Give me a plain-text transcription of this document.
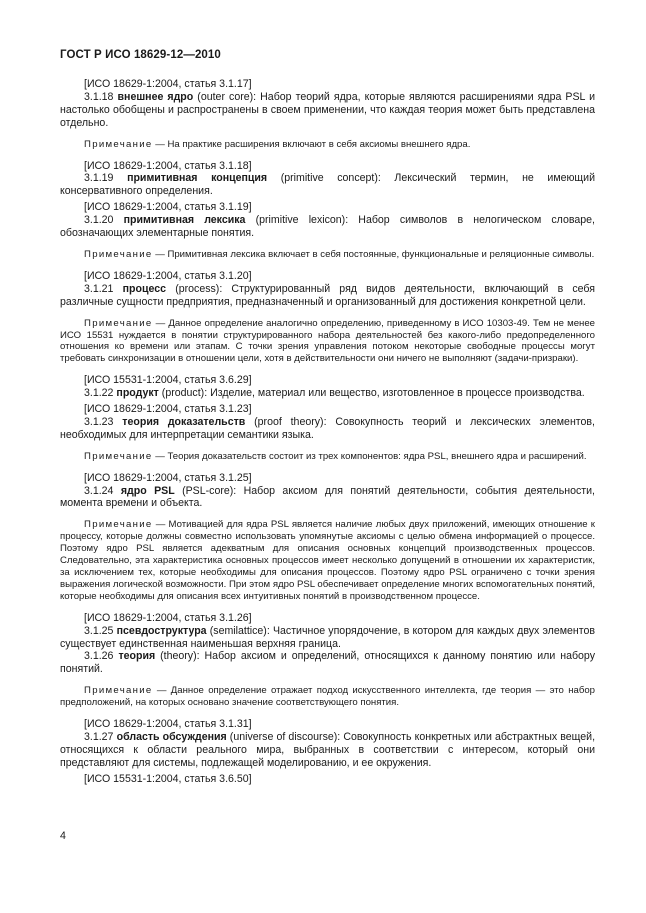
ГОСТ Р ИСО 18629-12—2010

[ИСО 18629-1:2004, статья 3.1.17]

3.1.18 внешнее ядро (outer core): Набор теорий ядра, которые являются расширениями ядра PSL и настолько обобщены и распространены в своем применении, что каждая теория может быть представлена отдельно.

Примечание — На практике расширения включают в себя аксиомы внешнего ядра.

[ИСО 18629-1:2004, статья 3.1.18]

3.1.19 примитивная концепция (primitive concept): Лексический термин, не имеющий консервативного определения.

[ИСО 18629-1:2004, статья 3.1.19]

3.1.20 примитивная лексика (primitive lexicon): Набор символов в нелогическом словаре, обозначающих элементарные понятия.

Примечание — Примитивная лексика включает в себя постоянные, функциональные и реляционные символы.

[ИСО 18629-1:2004, статья 3.1.20]

3.1.21 процесс (process): Структурированный ряд видов деятельности, включающий в себя различные сущности предприятия, предназначенный и организованный для достижения конкретной цели.

Примечание — Данное определение аналогично определению, приведенному в ИСО 10303-49. Тем не менее ИСО 15531 нуждается в понятии структурированного набора деятельностей без какого-либо предопределенного отношения ко времени или этапам. С точки зрения управления потоком некоторые свободные процессы могут требовать синхронизации в отношении цели, хотя в действительности они ничего не выполняют (задачи-призраки).

[ИСО 15531-1:2004, статья 3.6.29]

3.1.22 продукт (product): Изделие, материал или вещество, изготовленное в процессе производства.

[ИСО 18629-1:2004, статья 3.1.23]

3.1.23 теория доказательств (proof theory): Совокупность теорий и лексических элементов, необходимых для интерпретации семантики языка.

Примечание — Теория доказательств состоит из трех компонентов: ядра PSL, внешнего ядра и расширений.

[ИСО 18629-1:2004, статья 3.1.25]

3.1.24 ядро PSL (PSL-core): Набор аксиом для понятий деятельности, события деятельности, момента времени и объекта.

Примечание — Мотивацией для ядра PSL является наличие любых двух приложений, имеющих отношение к процессу, которые должны совместно использовать упомянутые аксиомы с целью обмена информацией о процессе. Поэтому ядро PSL является адекватным для описания основных концепций производственных процессов. Следовательно, эта характеристика основных процессов имеет несколько допущений в отношении их характеристик, за исключением тех, которые необходимы для описания процессов. Поэтому ядро PSL ограничено с точки зрения выражения логической возможности. При этом ядро PSL обеспечивает определение многих вспомогательных понятий, которые необходимы для описания всех интуитивных понятий в производственном процессе.

[ИСО 18629-1:2004, статья 3.1.26]

3.1.25 псевдоструктура (semilattice): Частичное упорядочение, в котором для каждых двух элементов существует единственная наименьшая верхняя граница.

3.1.26 теория (theory): Набор аксиом и определений, относящихся к данному понятию или набору понятий.

Примечание — Данное определение отражает подход искусственного интеллекта, где теория — это набор предположений, на которых основано значение соответствующего понятия.

[ИСО 18629-1:2004, статья 3.1.31]

3.1.27 область обсуждения (universe of discourse): Совокупность конкретных или абстрактных вещей, относящихся к области реального мира, выбранных в соответствии с интересом, который они представляют для системы, подлежащей моделированию, и ее окружения.

[ИСО 15531-1:2004, статья 3.6.50]

4
